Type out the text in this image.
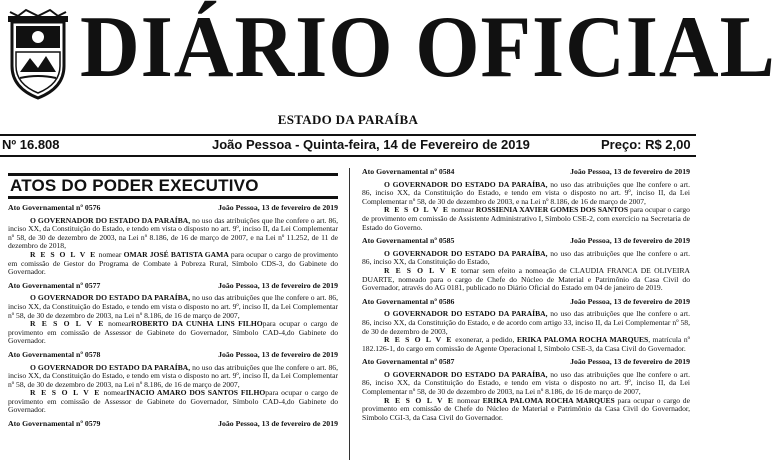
DIÁRIO OFICIAL
ESTADO DA PARAÍBA
Nº 16.808	João Pessoa - Quinta-feira, 14 de Fevereiro de 2019	Preço: R$ 2,00
ATOS DO PODER EXECUTIVO
Ato Governamental nº 0576	João Pessoa, 13 de fevereiro de 2019

O GOVERNADOR DO ESTADO DA PARAÍBA, no uso das atribuições que lhe confere o art. 86, inciso XX, da Constituição do Estado, e tendo em vista o disposto no art. 9º, inciso II, da Lei Complementar nº 58, de 30 de dezembro de 2003, na Lei nº 8.186, de 16 de março de 2007, e na Lei nº 11.252, de 11 de dezembro de 2018,

R E S O L V E nomear OMAR JOSÉ BATISTA GAMA para ocupar o cargo de provimento em comissão de Gestor do Programa de Combate à Pobreza Rural, Símbolo CDS-3, do Gabinete do Governador.

Ato Governamental nº 0577	João Pessoa, 13 de fevereiro de 2019

O GOVERNADOR DO ESTADO DA PARAÍBA, no uso das atribuições que lhe confere o art. 86, inciso XX, da Constituição do Estado, e tendo em vista o disposto no art. 9º, inciso II, da Lei Complementar nº 58, de 30 de dezembro de 2003, na Lei nº 8.186, de 16 de março de 2007,

R E S O L V E nomearROBERTO DA CUNHA LINS FILHOpara ocupar o cargo de provimento em comissão de Assessor de Gabinete do Governador, Símbolo CAD-4,do Gabinete do Governador.

Ato Governamental nº 0578	João Pessoa, 13 de fevereiro de 2019

O GOVERNADOR DO ESTADO DA PARAÍBA, no uso das atribuições que lhe confere o art. 86, inciso XX, da Constituição do Estado, e tendo em vista o disposto no art. 9º, inciso II, da Lei Complementar nº 58, de 30 de dezembro de 2003, na Lei nº 8.186, de 16 de março de 2007,

R E S O L V E nomearINACIO AMARO DOS SANTOS FILHOpara ocupar o cargo de provimento em comissão de Assessor de Gabinete do Governador, Símbolo CAD-4,do Gabinete do Governador.

Ato Governamental nº 0579	João Pessoa, 13 de fevereiro de 2019
Ato Governamental nº 0584	João Pessoa, 13 de fevereiro de 2019

O GOVERNADOR DO ESTADO DA PARAÍBA, no uso das atribuições que lhe confere o art. 86, inciso XX, da Constituição do Estado, e tendo em vista o disposto no art. 9º, inciso II, da Lei Complementar nº 58, de 30 de dezembro de 2003, e na Lei nº 8.186, de 16 de março de 2007,

R E S O L V E nomear ROSSIENIA XAVIER GOMES DOS SANTOS para ocupar o cargo de provimento em comissão de Assistente Administrativo I, Símbolo CSE-2, com exercício na Secretaria de Estado do Governo.

Ato Governamental nº 0585	João Pessoa, 13 de fevereiro de 2019

O GOVERNADOR DO ESTADO DA PARAÍBA, no uso das atribuições que lhe confere o art. 86, inciso XX, da Constituição do Estado,

R E S O L V E tornar sem efeito a nomeação de CLAUDIA FRANCA DE OLIVEIRA DUARTE, nomeado para o cargo de Chefe do Núcleo de Material e Patrimônio da Casa Civil do Governador, através do AG 0181, publicado no Diário Oficial do Estado em 04 de janeiro de 2019.

Ato Governamental nº 0586	João Pessoa, 13 de fevereiro de 2019

O GOVERNADOR DO ESTADO DA PARAÍBA, no uso das atribuições que lhe confere o art. 86, inciso XX, da Constituição do Estado, e de acordo com artigo 33, inciso II, da Lei Complementar nº 58, de 30 de dezembro de 2003,

R E S O L V E exonerar, a pedido, ERIKA PALOMA ROCHA MARQUES, matrícula nº 182.126-1, do cargo em comissão de Agente Operacional I, Símbolo CSE-3, da Casa Civil do Governador.

Ato Governamental nº 0587	João Pessoa, 13 de fevereiro de 2019

O GOVERNADOR DO ESTADO DA PARAÍBA, no uso das atribuições que lhe confere o art. 86, inciso XX, da Constituição do Estado, e tendo em vista o disposto no art. 9º, inciso II, da Lei Complementar nº 58, de 30 de dezembro de 2003, na Lei nº 8.186, de 16 de março de 2007,

R E S O L V E nomear ERIKA PALOMA ROCHA MARQUES para ocupar o cargo de provimento em comissão de Chefe do Núcleo de Material e Patrimônio da Casa Civil do Governador, Símbolo CGI-3, da Casa Civil do Governador.
